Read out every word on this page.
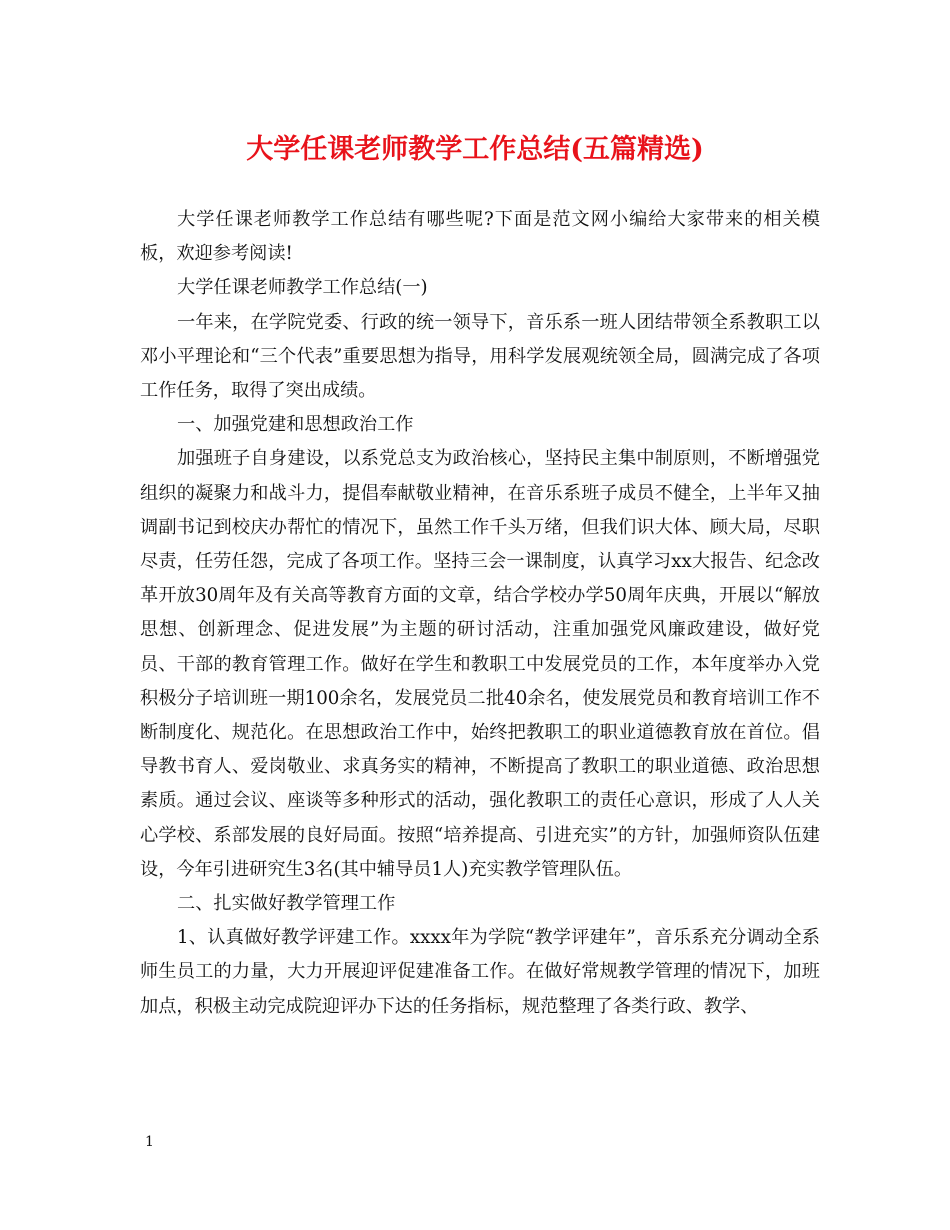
大学任课老师教学工作总结(五篇精选)

大学任课老师教学工作总结有哪些呢?下面是范文网小编给大家带来的相关模板，欢迎参考阅读!

大学任课老师教学工作总结(一)

一年来，在学院党委、行政的统一领导下，音乐系一班人团结带领全系教职工以邓小平理论和“三个代表”重要思想为指导，用科学发展观统领全局，圆满完成了各项工作任务，取得了突出成绩。

一、加强党建和思想政治工作

加强班子自身建设，以系党总支为政治核心，坚持民主集中制原则，不断增强党组织的凝聚力和战斗力，提倡奉献敬业精神，在音乐系班子成员不健全，上半年又抽调副书记到校庆办帮忙的情况下，虽然工作千头万绪，但我们识大体、顾大局，尽职尽责，任劳任怨，完成了各项工作。坚持三会一课制度，认真学习xx大报告、纪念改革开放30周年及有关高等教育方面的文章，结合学校办学50周年庆典，开展以“解放思想、创新理念、促进发展”为主题的研讨活动，注重加强党风廉政建设，做好党员、干部的教育管理工作。做好在学生和教职工中发展党员的工作，本年度举办入党积极分子培训班一期100余名，发展党员二批40余名，使发展党员和教育培训工作不断制度化、规范化。在思想政治工作中，始终把教职工的职业道德教育放在首位。倡导教书育人、爱岗敬业、求真务实的精神，不断提高了教职工的职业道德、政治思想素质。通过会议、座谈等多种形式的活动，强化教职工的责任心意识，形成了人人关心学校、系部发展的良好局面。按照“培养提高、引进充实”的方针，加强师资队伍建设，今年引进研究生3名(其中辅导员1人)充实教学管理队伍。

二、扎实做好教学管理工作

1、认真做好教学评建工作。xxxx年为学院“教学评建年”，音乐系充分调动全系师生员工的力量，大力开展迎评促建准备工作。在做好常规教学管理的情况下，加班加点，积极主动完成院迎评办下达的任务指标，规范整理了各类行政、教学、

1
